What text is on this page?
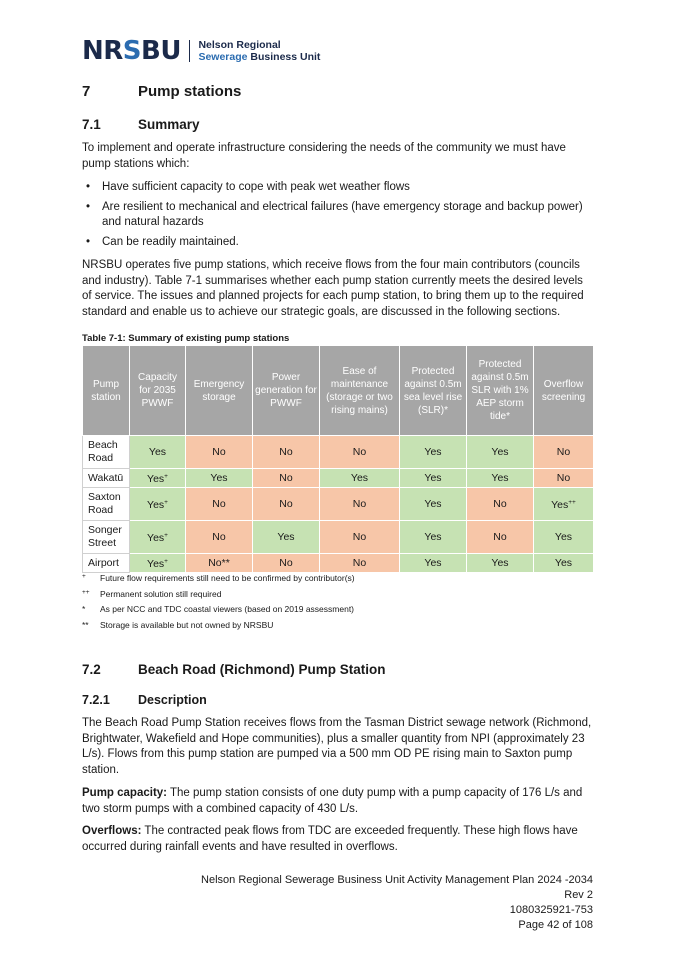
NRSBU Nelson Regional
Sewerage Business Unit
7	Pump stations
7.1	Summary
To implement and operate infrastructure considering the needs of the community we must have pump stations which:
• Have sufficient capacity to cope with peak wet weather flows
• Are resilient to mechanical and electrical failures (have emergency storage and backup power) and natural hazards
• Can be readily maintained.
NRSBU operates five pump stations, which receive flows from the four main contributors (councils and industry). Table 7-1 summarises whether each pump station currently meets the desired levels of service. The issues and planned projects for each pump station, to bring them up to the required standard and enable us to achieve our strategic goals, are discussed in the following sections.
Table 7-1: Summary of existing pump stations
Pump station	Capacity for 2035 PWWF	Emergency storage	Power generation for PWWF	Ease of maintenance (storage or two rising mains)	Protected against 0.5m sea level rise (SLR)*	Protected against 0.5m SLR with 1% AEP storm tide*	Overflow screening
Beach Road	Yes	No	No	No	Yes	Yes	No
Wakatū	Yes+	Yes	No	Yes	Yes	Yes	No
Saxton Road	Yes+	No	No	No	Yes	No	Yes++
Songer Street	Yes+	No	Yes	No	Yes	No	Yes
Airport	Yes+	No**	No	No	Yes	Yes	Yes
+	Future flow requirements still need to be confirmed by contributor(s)
++	Permanent solution still required
*	As per NCC and TDC coastal viewers (based on 2019 assessment)
**	Storage is available but not owned by NRSBU
7.2	Beach Road (Richmond) Pump Station
7.2.1 Description
The Beach Road Pump Station receives flows from the Tasman District sewage network (Richmond, Brightwater, Wakefield and Hope communities), plus a smaller quantity from NPI (approximately 23 L/s). Flows from this pump station are pumped via a 500 mm OD PE rising main to Saxton pump station.
Pump capacity: The pump station consists of one duty pump with a pump capacity of 176 L/s and two storm pumps with a combined capacity of 430 L/s.
Overflows: The contracted peak flows from TDC are exceeded frequently. These high flows have occurred during rainfall events and have resulted in overflows.
Nelson Regional Sewerage Business Unit Activity Management Plan 2024 -2034
Rev 2
1080325921-753
Page 42 of 108
